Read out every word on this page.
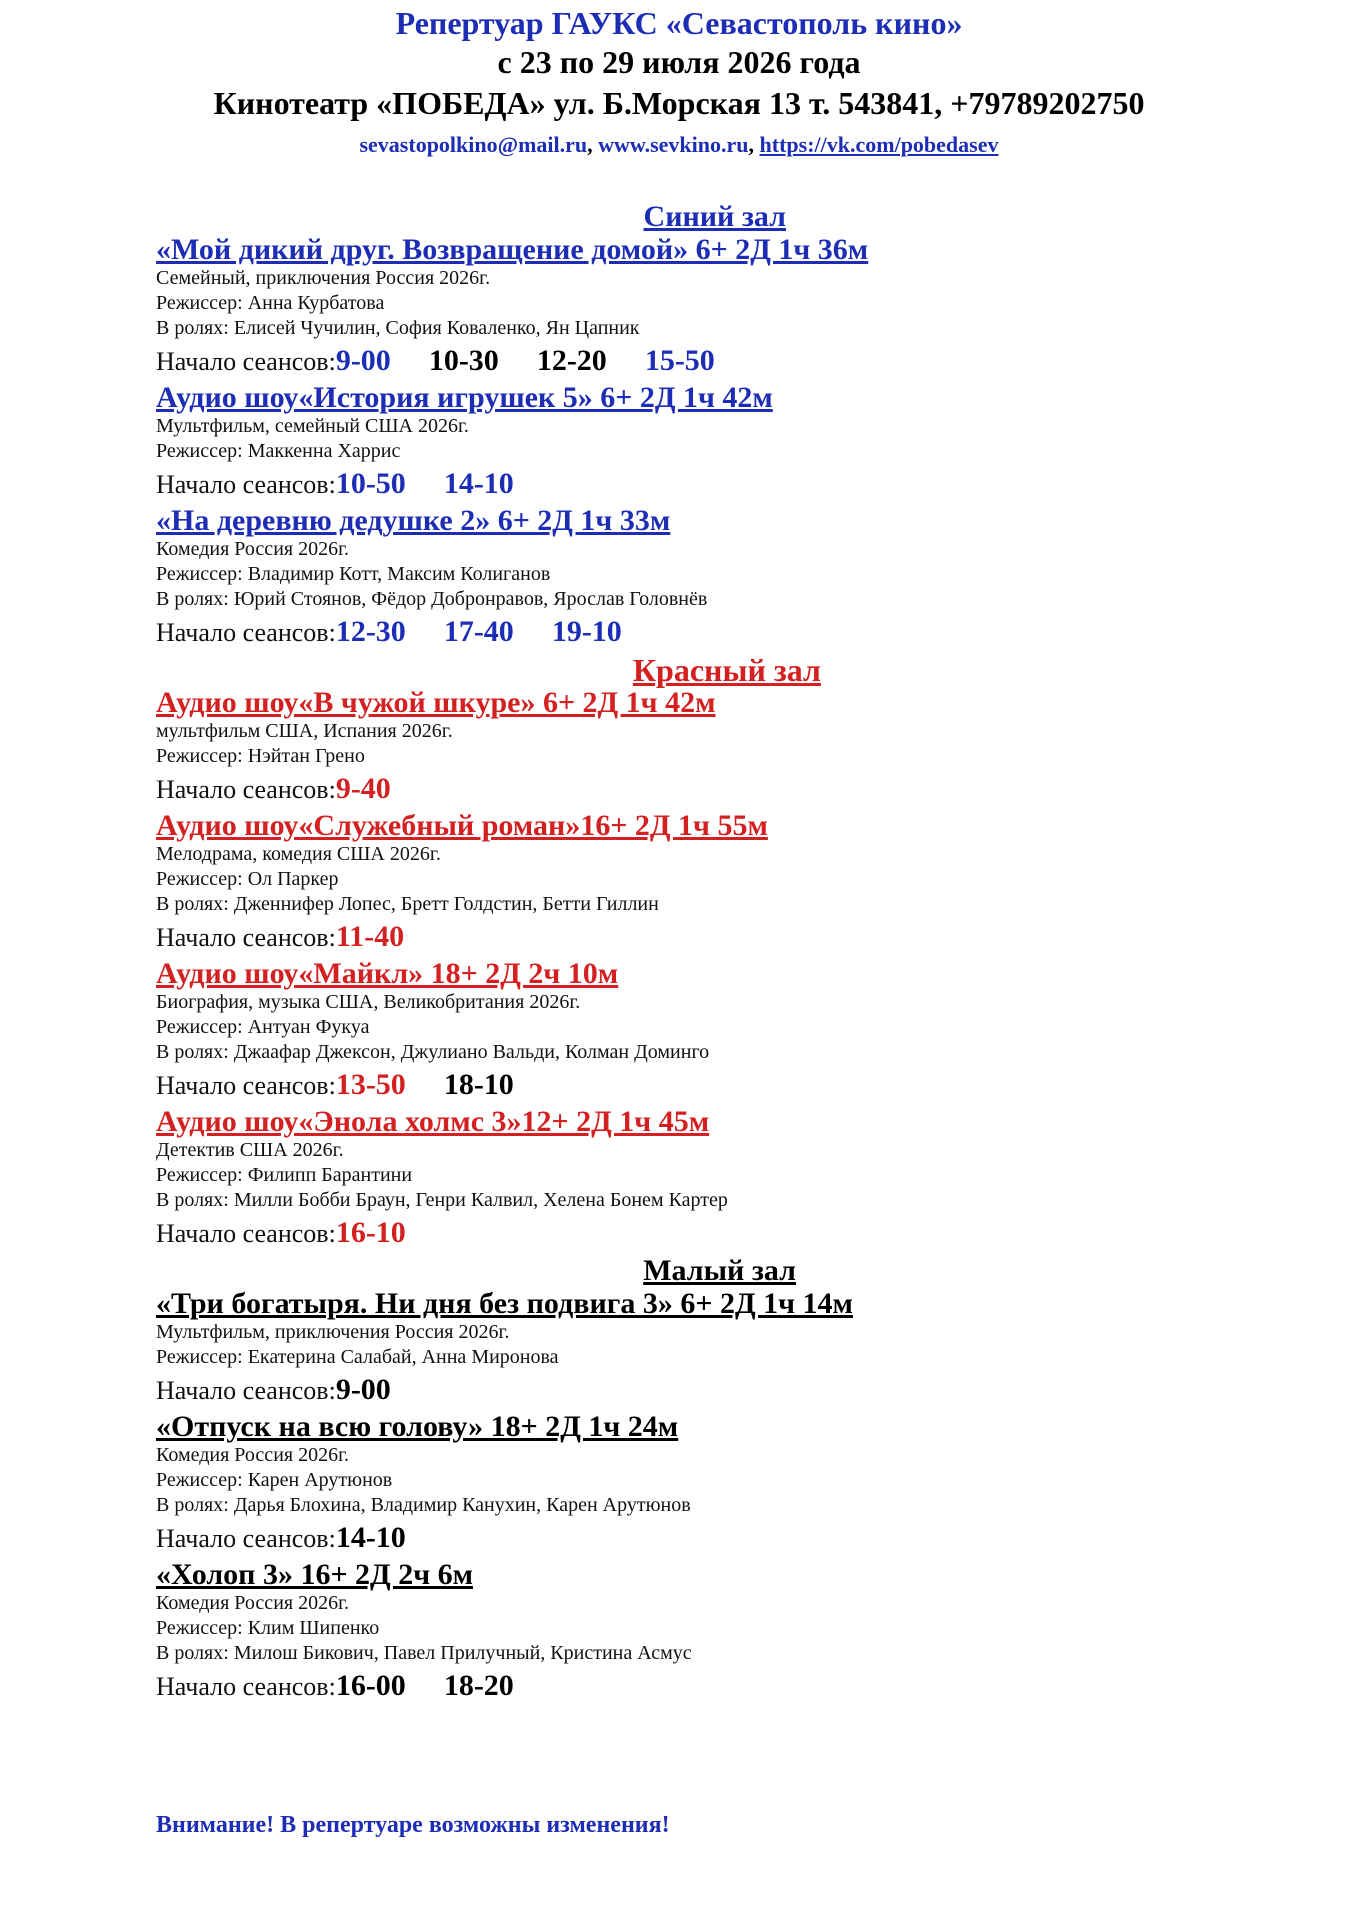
Репертуар ГАУКС «Севастополь кино»
с 23 по 29 июля 2026 года
Кинотеатр «ПОБЕДА» ул. Б.Морская 13 т. 543841, +79789202750
sevastopolkino@mail.ru, www.sevkino.ru, https://vk.com/pobedasev
Синий зал
«Мой дикий друг. Возвращение домой» 6+ 2Д 1ч 36м
Семейный, приключения Россия 2026г.
Режиссер: Анна Курбатова
В ролях: Елисей Чучилин, София Коваленко, Ян Цапник
Начало сеансов: 9-00 10-30 12-20 15-50
Аудио шоу«История игрушек 5» 6+ 2Д 1ч 42м
Мультфильм, семейный США 2026г.
Режиссер: Маккенна Харрис
Начало сеансов: 10-50 14-10
«На деревню дедушке 2» 6+ 2Д 1ч 33м
Комедия Россия 2026г.
Режиссер: Владимир Котт, Максим Колиганов
В ролях: Юрий Стоянов, Фёдор Добронравов, Ярослав Головнёв
Начало сеансов: 12-30 17-40 19-10
Красный зал
Аудио шоу«В чужой шкуре» 6+ 2Д 1ч 42м
мультфильм США, Испания 2026г.
Режиссер: Нэйтан Грено
Начало сеансов: 9-40
Аудио шоу«Служебный роман»16+ 2Д 1ч 55м
Мелодрама, комедия США 2026г.
Режиссер: Ол Паркер
В ролях: Дженнифер Лопес, Бретт Голдстин, Бетти Гиллин
Начало сеансов: 11-40
Аудио шоу«Майкл» 18+ 2Д 2ч 10м
Биография, музыка США, Великобритания 2026г.
Режиссер: Антуан Фукуа
В ролях: Джаафар Джексон, Джулиано Вальди, Колман Доминго
Начало сеансов: 13-50 18-10
Аудио шоу«Энола холмс 3»12+ 2Д 1ч 45м
Детектив США 2026г.
Режиссер: Филипп Барантини
В ролях: Милли Бобби Браун, Генри Калвил, Хелена Бонем Картер
Начало сеансов: 16-10
Малый зал
«Три богатыря. Ни дня без подвига 3» 6+ 2Д 1ч 14м
Мультфильм, приключения Россия 2026г.
Режиссер: Екатерина Салабай, Анна Миронова
Начало сеансов: 9-00
«Отпуск на всю голову» 18+ 2Д 1ч 24м
Комедия Россия 2026г.
Режиссер: Карен Арутюнов
В ролях: Дарья Блохина, Владимир Канухин, Карен Арутюнов
Начало сеансов: 14-10
«Холоп 3» 16+ 2Д 2ч 6м
Комедия Россия 2026г.
Режиссер: Клим Шипенко
В ролях: Милош Бикович, Павел Прилучный, Кристина Асмус
Начало сеансов: 16-00 18-20
Внимание! В репертуаре возможны изменения!
